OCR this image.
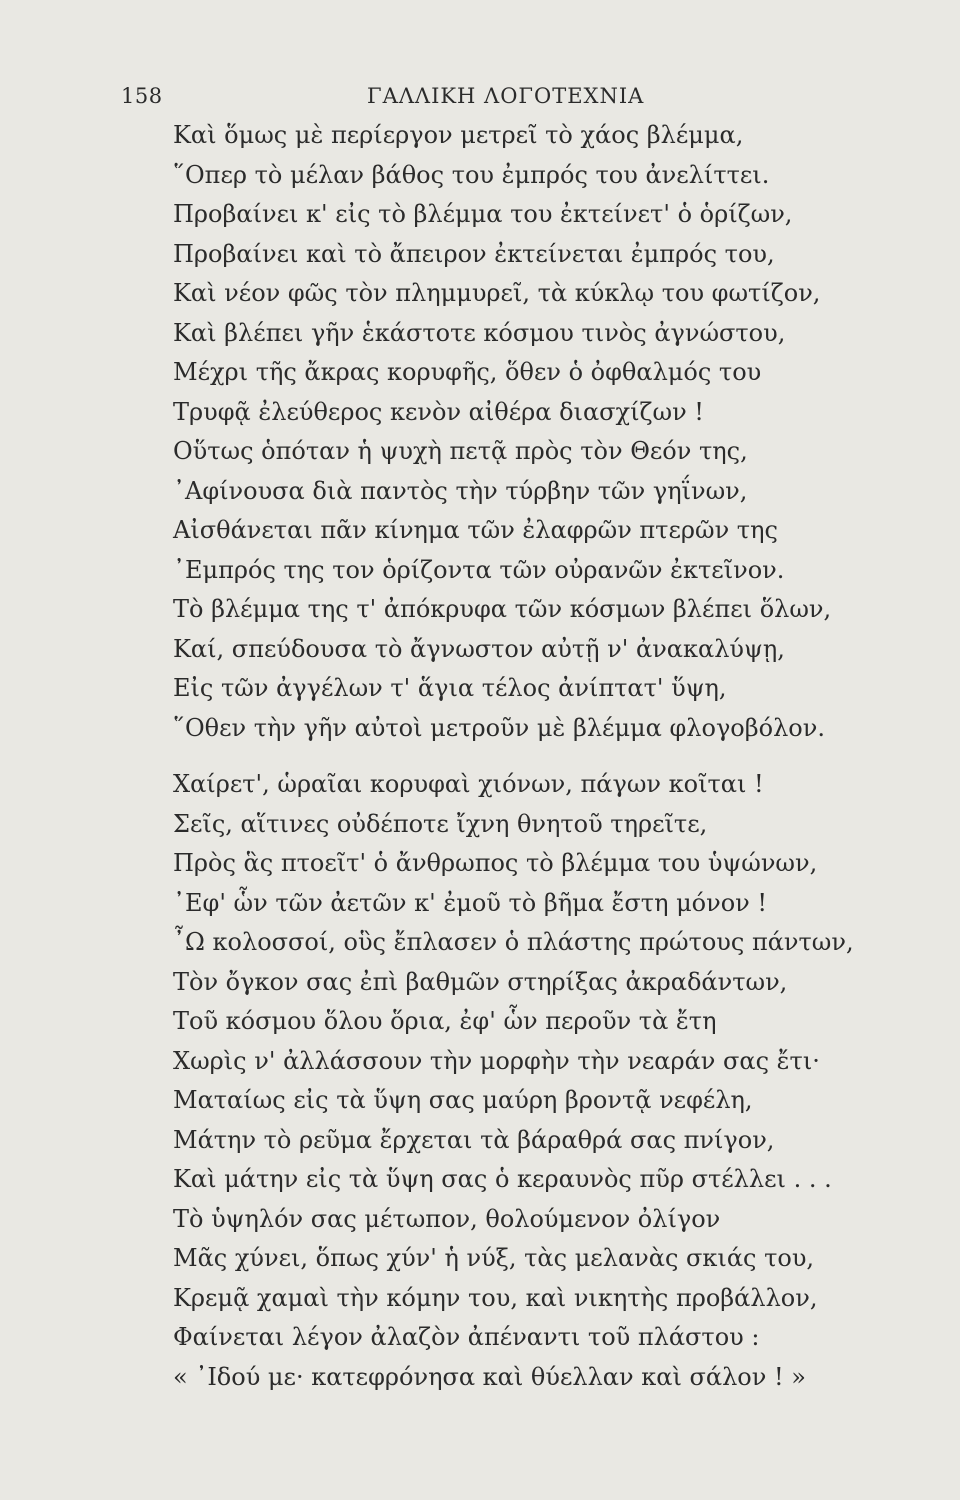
158	ΓΑΛΛΙΚΗ ΛΟΓΟΤΕΧΝΙΑ
Καὶ ὅμως μὲ περίεργον μετρεῖ τὸ χάος βλέμμα,
῞Οπερ τὸ μέλαν βάθος του ἐμπρός του ἀνελίττει.
Προβαίνει κ' εἰς τὸ βλέμμα του ἐκτείνετ' ὁ ὁρίζων,
Προβαίνει καὶ τὸ ἄπειρον ἐκτείνεται ἐμπρός του,
Καὶ νέον φῶς τὸν πλημμυρεῖ, τὰ κύκλῳ του φωτίζον,
Καὶ βλέπει γῆν ἑκάστοτε κόσμου τινὸς ἀγνώστου,
Μέχρι τῆς ἄκρας κορυφῆς, ὅθεν ὁ ὀφθαλμός του
Τρυφᾷ ἐλεύθερος κενὸν αἰθέρα διασχίζων !
Οὕτως ὁπόταν ἡ ψυχὴ πετᾷ πρὸς τὸν Θεόν της,
᾿Αφίνουσα διὰ παντὸς τὴν τύρβην τῶν γηΐνων,
Αἰσθάνεται πᾶν κίνημα τῶν ἐλαφρῶν πτερῶν της
᾿Εμπρός της τον ὁρίζοντα τῶν οὐρανῶν ἐκτεῖνον.
Τὸ βλέμμα της τ' ἀπόκρυφα τῶν κόσμων βλέπει ὅλων,
Καί, σπεύδουσα τὸ ἄγνωστον αὐτῇ ν' ἀνακαλύψῃ,
Εἰς τῶν ἀγγέλων τ' ἅγια τέλος ἀνίπτατ' ὕψη,
῞Οθεν τὴν γῆν αὐτοὶ μετροῦν μὲ βλέμμα φλογοβόλον.
Χαίρετ', ὡραῖαι κορυφαὶ χιόνων, πάγων κοῖται !
Σεῖς, αἵτινες οὐδέποτε ἴχνη θνητοῦ τηρεῖτε,
Πρὸς ἃς πτοεῖτ' ὁ ἄνθρωπος τὸ βλέμμα του ὑψώνων,
᾿Εφ' ὧν τῶν ἀετῶν κ' ἐμοῦ τὸ βῆμα ἔστη μόνον !
῏Ω κολοσσοί, οὓς ἔπλασεν ὁ πλάστης πρώτους πάντων,
Τὸν ὄγκον σας ἐπὶ βαθμῶν στηρίξας ἀκραδάντων,
Τοῦ κόσμου ὅλου ὅρια, ἐφ' ὧν περοῦν τὰ ἔτη
Χωρὶς ν' ἀλλάσσουν τὴν μορφὴν τὴν νεαράν σας ἔτι·
Ματαίως εἰς τὰ ὕψη σας μαύρη βροντᾷ νεφέλη,
Μάτην τὸ ρεῦμα ἔρχεται τὰ βάραθρά σας πνίγον,
Καὶ μάτην εἰς τὰ ὕψη σας ὁ κεραυνὸς πῦρ στέλλει . . .
Τὸ ὑψηλόν σας μέτωπον, θολούμενον ὀλίγον
Μᾶς χύνει, ὅπως χύν' ἡ νύξ, τὰς μελανὰς σκιάς του,
Κρεμᾷ χαμαὶ τὴν κόμην του, καὶ νικητὴς προβάλλον,
Φαίνεται λέγον ἀλαζὸν ἀπέναντι τοῦ πλάστου :
« ᾿Ιδού με· κατεφρόνησα καὶ θύελλαν καὶ σάλον ! »
